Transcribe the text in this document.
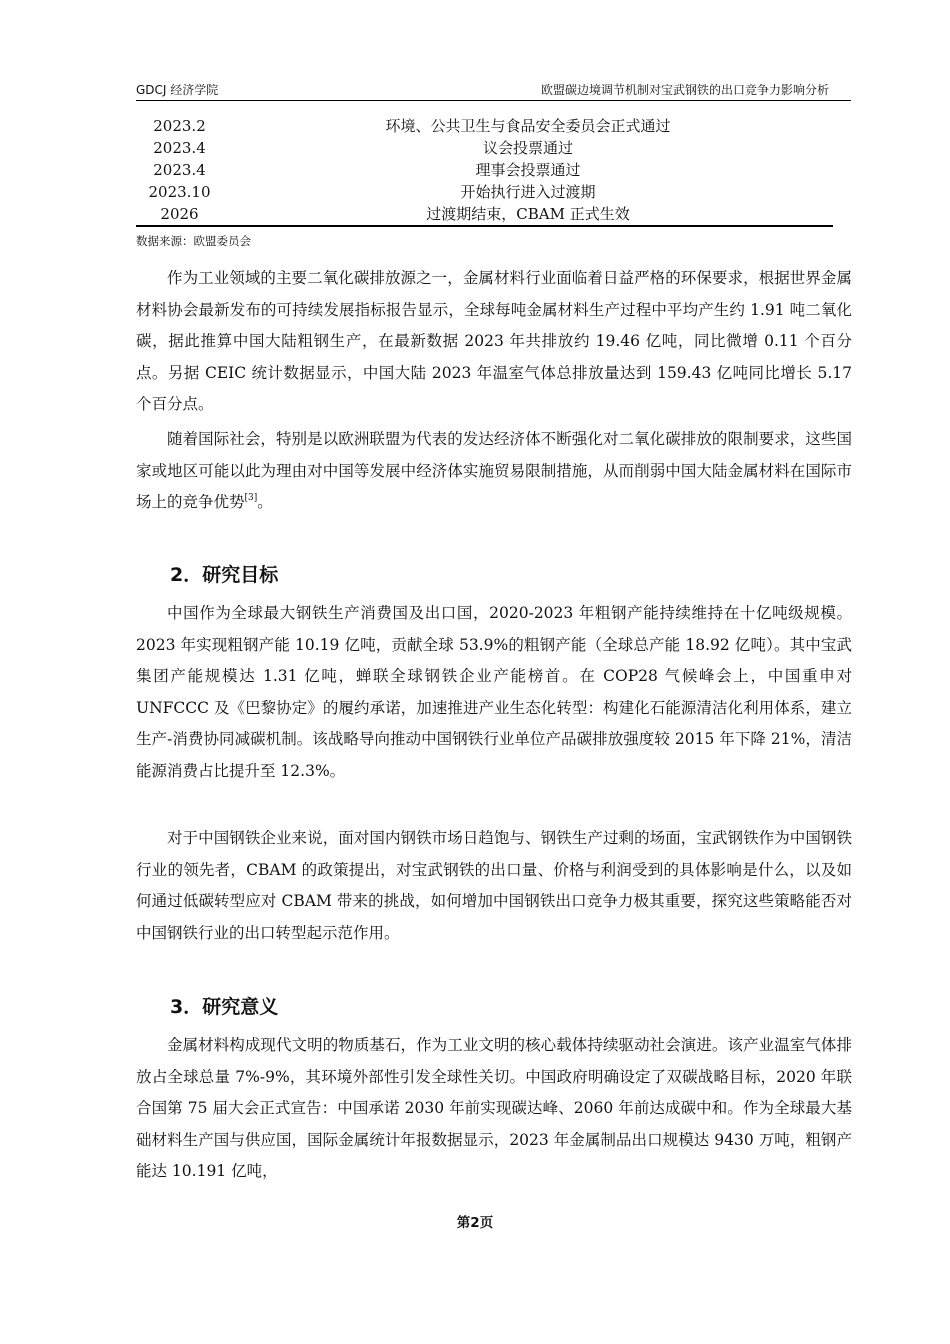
GDCJ 经济学院	欧盟碳边境调节机制对宝武钢铁的出口竞争力影响分析
2023.2	环境、公共卫生与食品安全委员会正式通过
2023.4	议会投票通过
2023.4	理事会投票通过
2023.10	开始执行进入过渡期
2026	过渡期结束，CBAM 正式生效
数据来源：欧盟委员会

作为工业领域的主要二氧化碳排放源之一，金属材料行业面临着日益严格的环保要求，根据世界金属材料协会最新发布的可持续发展指标报告显示，全球每吨金属材料生产过程中平均产生约 1.91 吨二氧化碳，据此推算中国大陆粗钢生产，在最新数据 2023 年共排放约 19.46 亿吨，同比微增 0.11 个百分点。另据 CEIC 统计数据显示，中国大陆 2023 年温室气体总排放量达到 159.43 亿吨同比增长 5.17 个百分点。

随着国际社会，特别是以欧洲联盟为代表的发达经济体不断强化对二氧化碳排放的限制要求，这些国家或地区可能以此为理由对中国等发展中经济体实施贸易限制措施，从而削弱中国大陆金属材料在国际市场上的竞争优势[3]。

2．研究目标

中国作为全球最大钢铁生产消费国及出口国，2020-2023 年粗钢产能持续维持在十亿吨级规模。2023 年实现粗钢产能 10.19 亿吨，贡献全球 53.9%的粗钢产能（全球总产能 18.92 亿吨）。其中宝武集团产能规模达 1.31 亿吨，蝉联全球钢铁企业产能榜首。在 COP28 气候峰会上，中国重申对 UNFCCC 及《巴黎协定》的履约承诺，加速推进产业生态化转型：构建化石能源清洁化利用体系，建立生产-消费协同减碳机制。该战略导向推动中国钢铁行业单位产品碳排放强度较 2015 年下降 21%，清洁能源消费占比提升至 12.3%。

对于中国钢铁企业来说，面对国内钢铁市场日趋饱与、钢铁生产过剩的场面，宝武钢铁作为中国钢铁行业的领先者，CBAM 的政策提出，对宝武钢铁的出口量、价格与利润受到的具体影响是什么，以及如何通过低碳转型应对 CBAM 带来的挑战，如何增加中国钢铁出口竞争力极其重要，探究这些策略能否对中国钢铁行业的出口转型起示范作用。

3．研究意义

金属材料构成现代文明的物质基石，作为工业文明的核心载体持续驱动社会演进。该产业温室气体排放占全球总量 7%-9%，其环境外部性引发全球性关切。中国政府明确设定了双碳战略目标，2020 年联合国第 75 届大会正式宣告：中国承诺 2030 年前实现碳达峰、2060 年前达成碳中和。作为全球最大基础材料生产国与供应国，国际金属统计年报数据显示，2023 年金属制品出口规模达 9430 万吨，粗钢产能达 10.191 亿吨，

第2页
